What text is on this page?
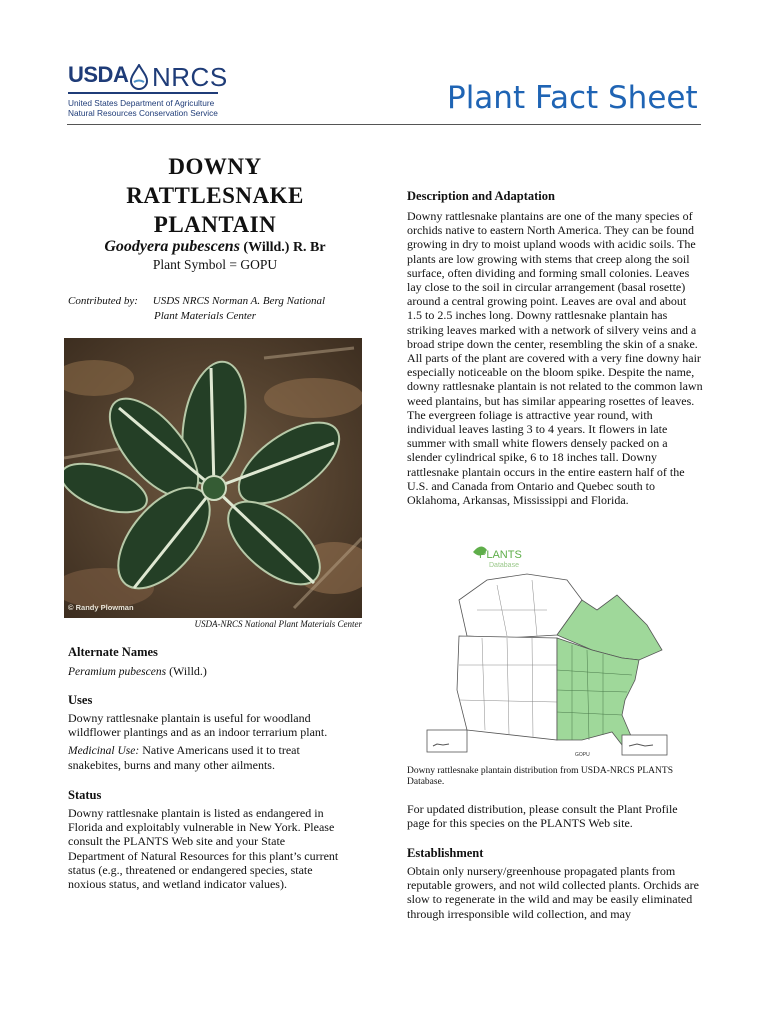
USDA NRCS
United States Department of Agriculture
Natural Resources Conservation Service	Plant Fact Sheet
DOWNY
RATTLESNAKE
PLANTAIN
Goodyera pubescens (Willd.) R. Br
Plant Symbol = GOPU
Contributed by: USDS NRCS Norman A. Berg National
Plant Materials Center
© Randy Plowman
USDA-NRCS National Plant Materials Center
Alternate Names
Peramium pubescens (Willd.)
Uses
Downy rattlesnake plantain is useful for woodland wildflower plantings and as an indoor terrarium plant.
Medicinal Use: Native Americans used it to treat snakebites, burns and many other ailments.
Status
Downy rattlesnake plantain is listed as endangered in Florida and exploitably vulnerable in New York. Please consult the PLANTS Web site and your State Department of Natural Resources for this plant’s current status (e.g., threatened or endangered species, state noxious status, and wetland indicator values).
Description and Adaptation
Downy rattlesnake plantains are one of the many species of orchids native to eastern North America. They can be found growing in dry to moist upland woods with acidic soils. The plants are low growing with stems that creep along the soil surface, often dividing and forming small colonies. Leaves lay close to the soil in circular arrangement (basal rosette) around a central growing point. Leaves are oval and about 1.5 to 2.5 inches long. Downy rattlesnake plantain has striking leaves marked with a network of silvery veins and a broad stripe down the center, resembling the skin of a snake. All parts of the plant are covered with a very fine downy hair especially noticeable on the bloom spike. Despite the name, downy rattlesnake plantain is not related to the common lawn weed plantains, but has similar appearing rosettes of leaves. The evergreen foliage is attractive year round, with individual leaves lasting 3 to 4 years. It flowers in late summer with small white flowers densely packed on a slender cylindrical spike, 6 to 18 inches tall. Downy rattlesnake plantain occurs in the entire eastern half of the U.S. and Canada from Ontario and Quebec south to Oklahoma, Arkansas, Mississippi and Florida.
PLANTS
Database
GOPU
Downy rattlesnake plantain distribution from USDA-NRCS PLANTS Database.
For updated distribution, please consult the Plant Profile page for this species on the PLANTS Web site.
Establishment
Obtain only nursery/greenhouse propagated plants from reputable growers, and not wild collected plants. Orchids are slow to regenerate in the wild and may be easily eliminated through irresponsible wild collection, and may
